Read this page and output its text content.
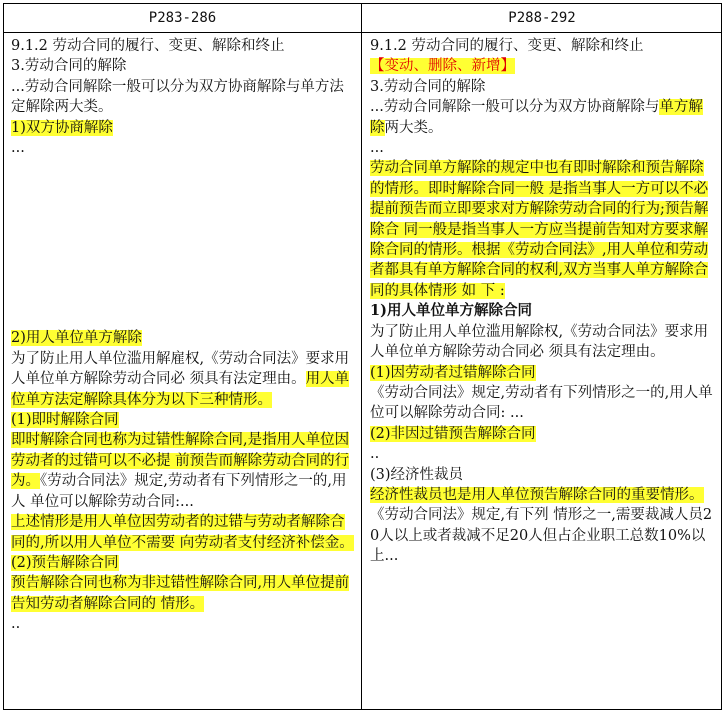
P283-286	P288-292

9.1.2 劳动合同的履行、变更、解除和终止

3.劳动合同的解除

...劳动合同解除一般可以分为双方协商解除与单方法定解除两大类。

1)双方协商解除

...

2)用人单位单方解除

为了防止用人单位滥用解雇权,《劳动合同法》要求用人单位单方解除劳动合同必 须具有法定理由。用人单位单方法定解除具体分为以下三种情形。

(1)即时解除合同

即时解除合同也称为过错性解除合同,是指用人单位因劳动者的过错可以不必提 前预告而解除劳动合同的行为。《劳动合同法》规定,劳动者有下列情形之一的,用人 单位可以解除劳动合同:...

上述情形是用人单位因劳动者的过错与劳动者解除合同的,所以用人单位不需要 向劳动者支付经济补偿金。

(2)预告解除合同

预告解除合同也称为非过错性解除合同,用人单位提前告知劳动者解除合同的 情形。

..

9.1.2 劳动合同的履行、变更、解除和终止

【变动、删除、新增】

3.劳动合同的解除

...劳动合同解除一般可以分为双方协商解除与单方解除两大类。

...

劳动合同单方解除的规定中也有即时解除和预告解除的情形。即时解除合同一般 是指当事人一方可以不必提前预告而立即要求对方解除劳动合同的行为;预告解除合 同一般是指当事人一方应当提前告知对方要求解除合同的情形。根据《劳动合同法》,用人单位和劳动者都具有单方解除合同的权利,双方当事人单方解除合同的具体情形 如 下 :

1)用人单位单方解除合同

为了防止用人单位滥用解除权,《劳动合同法》要求用人单位单方解除劳动合同必 须具有法定理由。

(1)因劳动者过错解除合同

《劳动合同法》规定,劳动者有下列情形之一的,用人单位可以解除劳动合同: ...

(2)非因过错预告解除合同

..

(3)经济性裁员

经济性裁员也是用人单位预告解除合同的重要情形。《劳动合同法》规定,有下列 情形之一,需要裁减人员20人以上或者裁减不足20人但占企业职工总数10%以上...
